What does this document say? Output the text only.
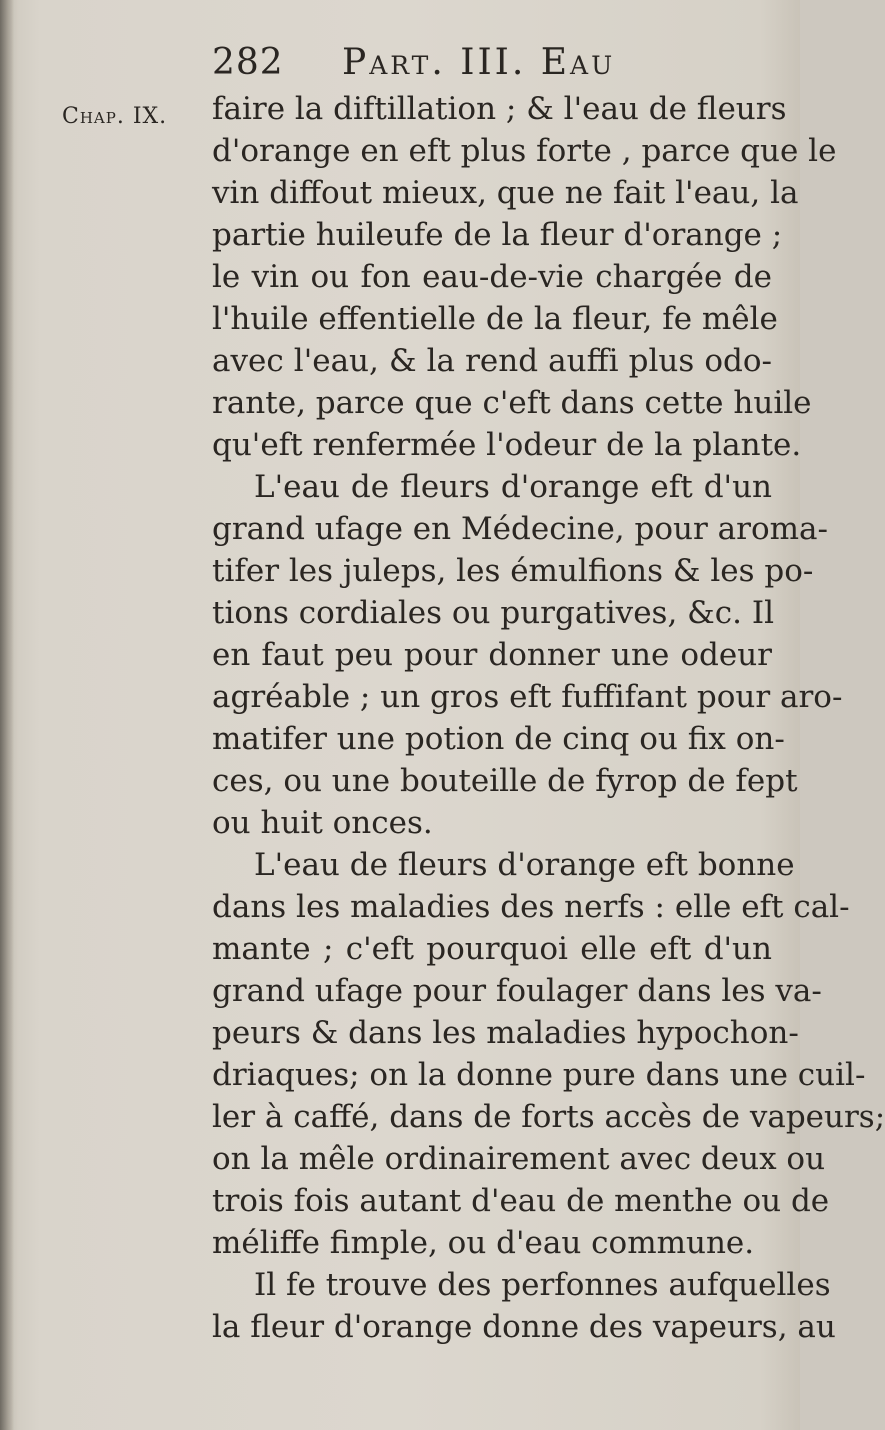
282 Part. III. Eau
Chap. IX. faire la diftillation ; & l'eau de fleurs
d'orange en eft plus forte , parce que le
vin diffout mieux, que ne fait l'eau, la
partie huileufe de la fleur d'orange ;
le vin ou fon eau-de-vie chargée de
l'huile effentielle de la fleur, fe mêle
avec l'eau, & la rend auffi plus odo-
rante, parce que c'eft dans cette huile
qu'eft renfermée l'odeur de la plante.
L'eau de fleurs d'orange eft d'un
grand ufage en Médecine, pour aroma-
tifer les juleps, les émulfions & les po-
tions cordiales ou purgatives, &c. Il
en faut peu pour donner une odeur
agréable ; un gros eft fuffifant pour aro-
matifer une potion de cinq ou fix on-
ces, ou une bouteille de fyrop de fept
ou huit onces.
L'eau de fleurs d'orange eft bonne
dans les maladies des nerfs : elle eft cal-
mante ; c'eft pourquoi elle eft d'un
grand ufage pour foulager dans les va-
peurs & dans les maladies hypochon-
driaques; on la donne pure dans une cuil-
ler à caffé, dans de forts accès de vapeurs;
on la mêle ordinairement avec deux ou
trois fois autant d'eau de menthe ou de
méliffe fimple, ou d'eau commune.
Il fe trouve des perfonnes aufquelles
la fleur d'orange donne des vapeurs, au
